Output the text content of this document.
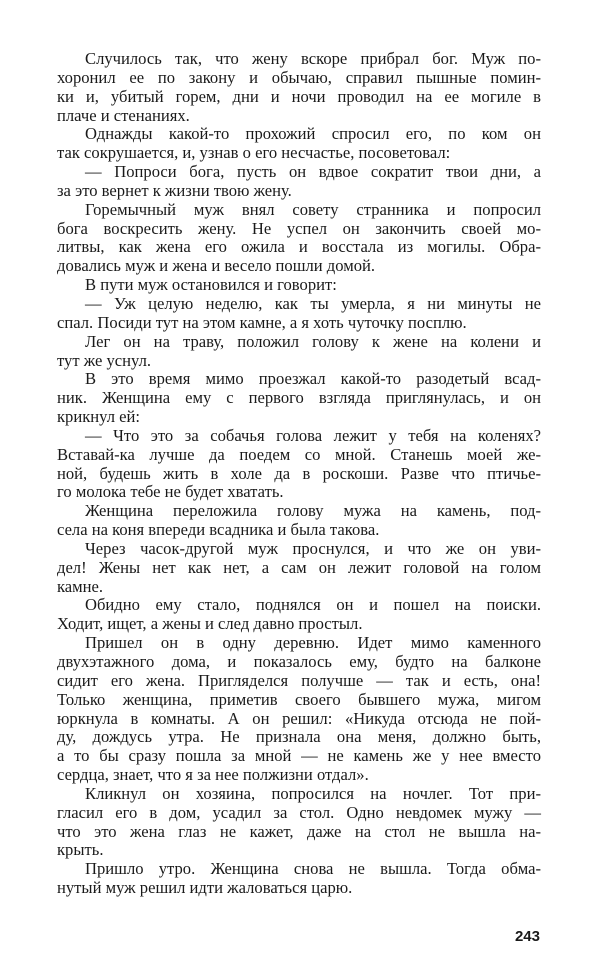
Случилось так, что жену вскоре прибрал бог. Муж по-
хоронил ее по закону и обычаю, справил пышные помин-
ки и, убитый горем, дни и ночи проводил на ее могиле в
плаче и стенаниях.
Однажды какой-то прохожий спросил его, по ком он
так сокрушается, и, узнав о его несчастье, посоветовал:
— Попроси бога, пусть он вдвое сократит твои дни, а
за это вернет к жизни твою жену.
Горемычный муж внял совету странника и попросил
бога воскресить жену. Не успел он закончить своей мо-
литвы, как жена его ожила и восстала из могилы. Обра-
довались муж и жена и весело пошли домой.
В пути муж остановился и говорит:
— Уж целую неделю, как ты умерла, я ни минуты не
спал. Посиди тут на этом камне, а я хоть чуточку посплю.
Лег он на траву, положил голову к жене на колени и
тут же уснул.
В это время мимо проезжал какой-то разодетый всад-
ник. Женщина ему с первого взгляда приглянулась, и он
крикнул ей:
— Что это за собачья голова лежит у тебя на коленях?
Вставай-ка лучше да поедем со мной. Станешь моей же-
ной, будешь жить в холе да в роскоши. Разве что птичье-
го молока тебе не будет хватать.
Женщина переложила голову мужа на камень, под-
села на коня впереди всадника и была такова.
Через часок-другой муж проснулся, и что же он уви-
дел! Жены нет как нет, а сам он лежит головой на голом
камне.
Обидно ему стало, поднялся он и пошел на поиски.
Ходит, ищет, а жены и след давно простыл.
Пришел он в одну деревню. Идет мимо каменного
двухэтажного дома, и показалось ему, будто на балконе
сидит его жена. Пригляделся получше — так и есть, она!
Только женщина, приметив своего бывшего мужа, мигом
юркнула в комнаты. А он решил: «Никуда отсюда не пой-
ду, дождусь утра. Не признала она меня, должно быть,
а то бы сразу пошла за мной — не камень же у нее вместо
сердца, знает, что я за нее полжизни отдал».
Кликнул он хозяина, попросился на ночлег. Тот при-
гласил его в дом, усадил за стол. Одно невдомек мужу —
что это жена глаз не кажет, даже на стол не вышла на-
крыть.
Пришло утро. Женщина снова не вышла. Тогда обма-
нутый муж решил идти жаловаться царю.
243
